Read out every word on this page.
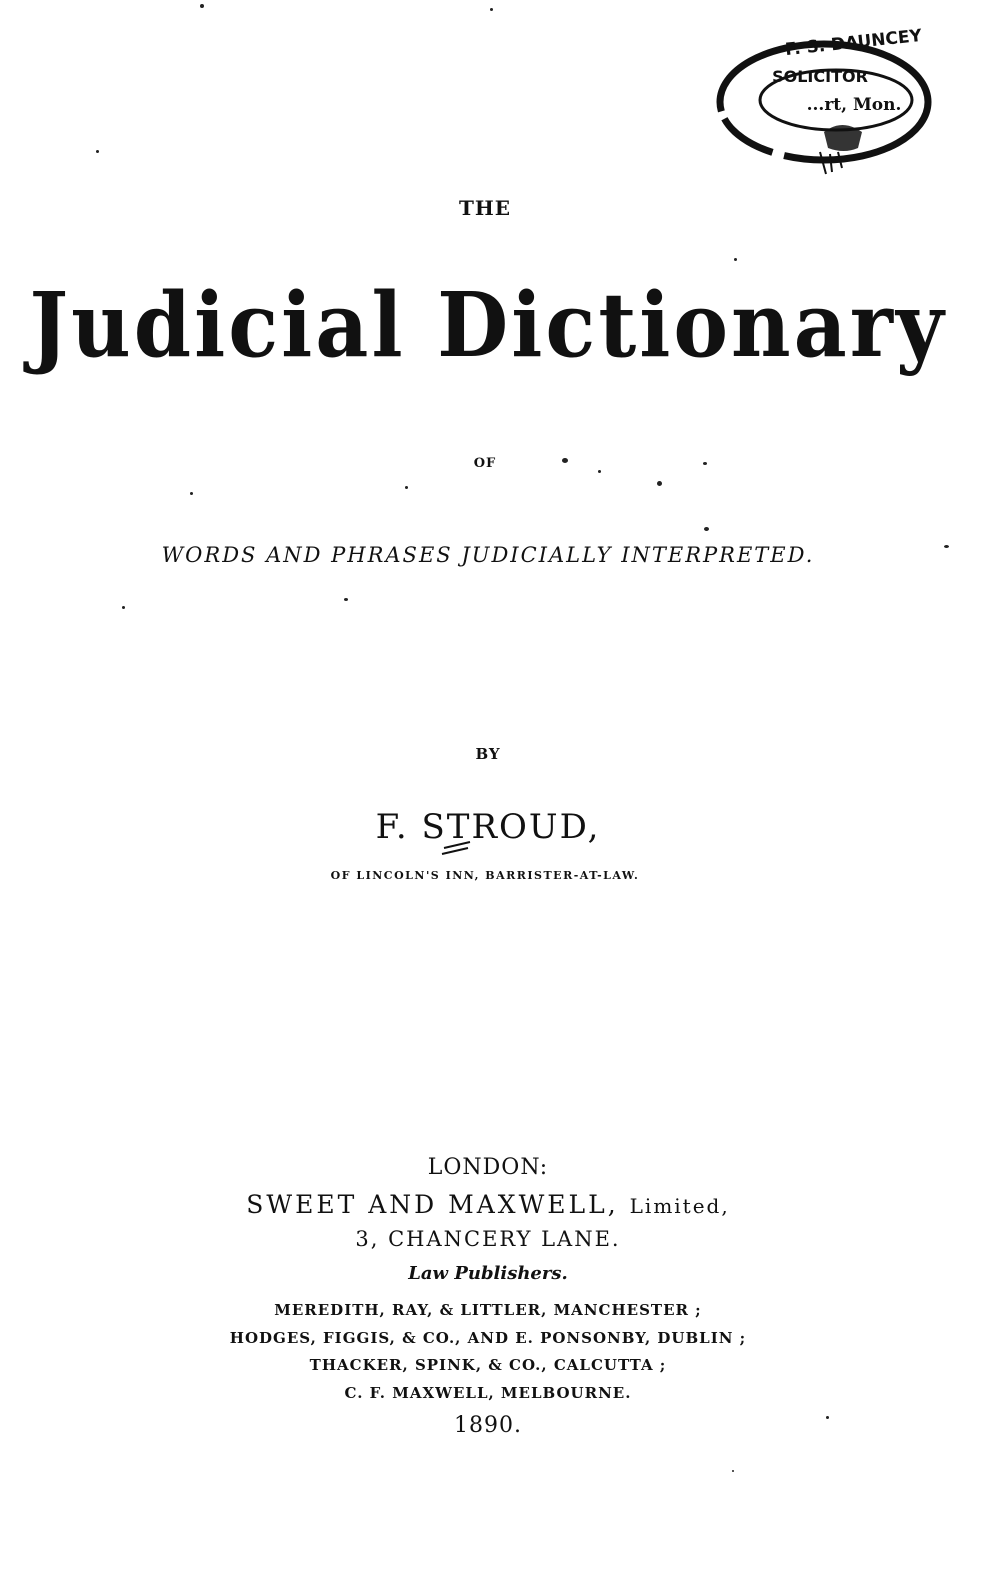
THE
Judicial Dictionary
OF
WORDS AND PHRASES JUDICIALLY INTERPRETED.
BY
F. STROUD,
OF LINCOLN'S INN, BARRISTER-AT-LAW.
LONDON:
SWEET AND MAXWELL, Limited,
3, CHANCERY LANE.
Law Publishers.
MEREDITH, RAY, & LITTLER, MANCHESTER ;
HODGES, FIGGIS, & CO., AND E. PONSONBY, DUBLIN ;
THACKER, SPINK, & CO., CALCUTTA ;
C. F. MAXWELL, MELBOURNE.
1890.
F. S. DAUNCEY
SOLICITOR
...rt, Mon.
